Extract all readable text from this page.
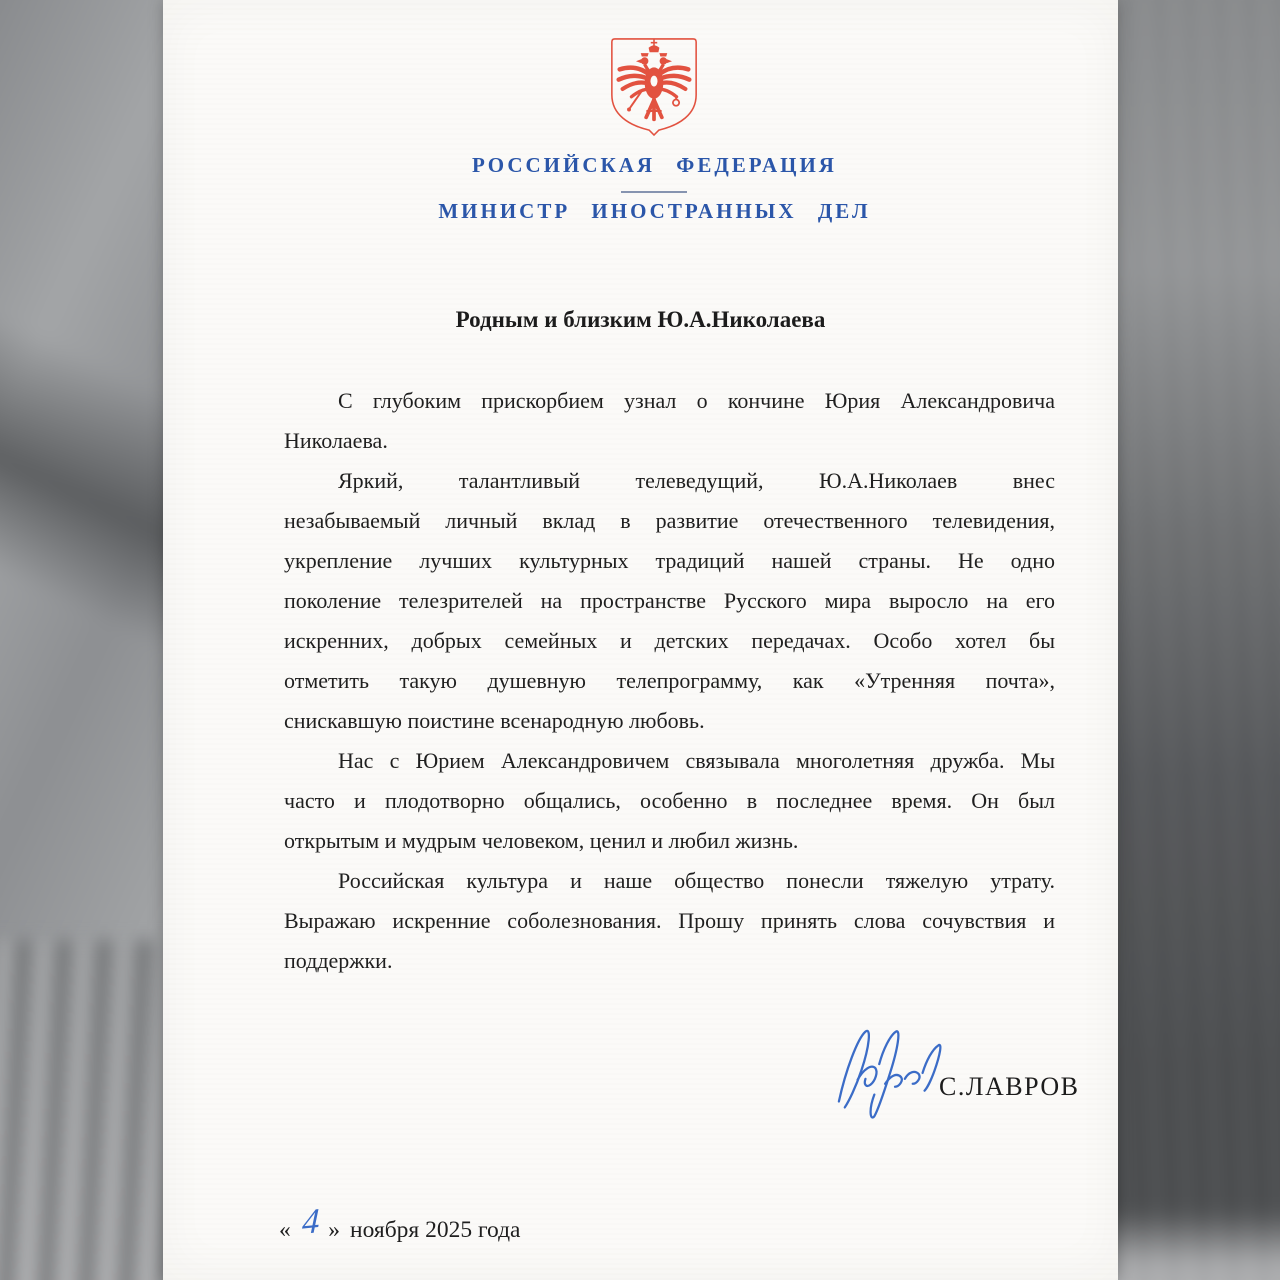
РОССИЙСКАЯ ФЕДЕРАЦИЯ
МИНИСТР ИНОСТРАННЫХ ДЕЛ
Родным и близким Ю.А.Николаева
С глубоким прискорбием узнал о кончине Юрия Александровича
Николаева.
Яркий, талантливый телеведущий, Ю.А.Николаев внес
незабываемый личный вклад в развитие отечественного телевидения,
укрепление лучших культурных традиций нашей страны. Не одно
поколение телезрителей на пространстве Русского мира выросло на его
искренних, добрых семейных и детских передачах. Особо хотел бы
отметить такую душевную телепрограмму, как «Утренняя почта»,
снискавшую поистине всенародную любовь.
Нас с Юрием Александровичем связывала многолетняя дружба. Мы
часто и плодотворно общались, особенно в последнее время. Он был
открытым и мудрым человеком, ценил и любил жизнь.
Российская культура и наше общество понесли тяжелую утрату.
Выражаю искренние соболезнования. Прошу принять слова сочувствия и
поддержки.
С.ЛАВРОВ
« 4 » ноября 2025 года
